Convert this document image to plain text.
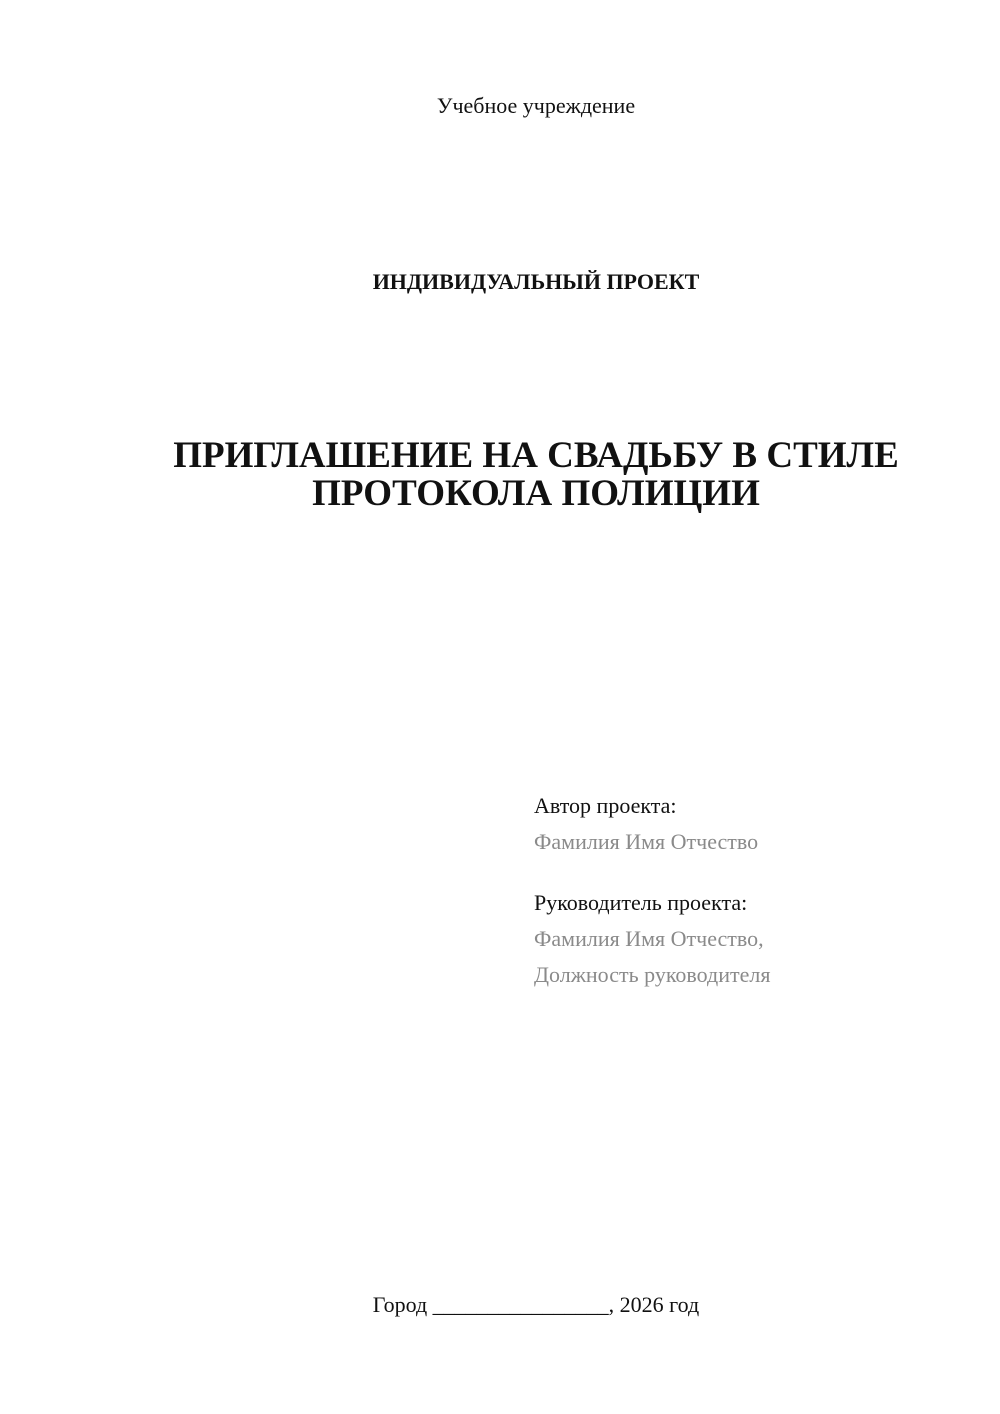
Учебное учреждение
ИНДИВИДУАЛЬНЫЙ ПРОЕКТ
ПРИГЛАШЕНИЕ НА СВАДЬБУ В СТИЛЕ
ПРОТОКОЛА ПОЛИЦИИ
Автор проекта:
Фамилия Имя Отчество
Руководитель проекта:
Фамилия Имя Отчество,
Должность руководителя
Город ________________, 2026 год
